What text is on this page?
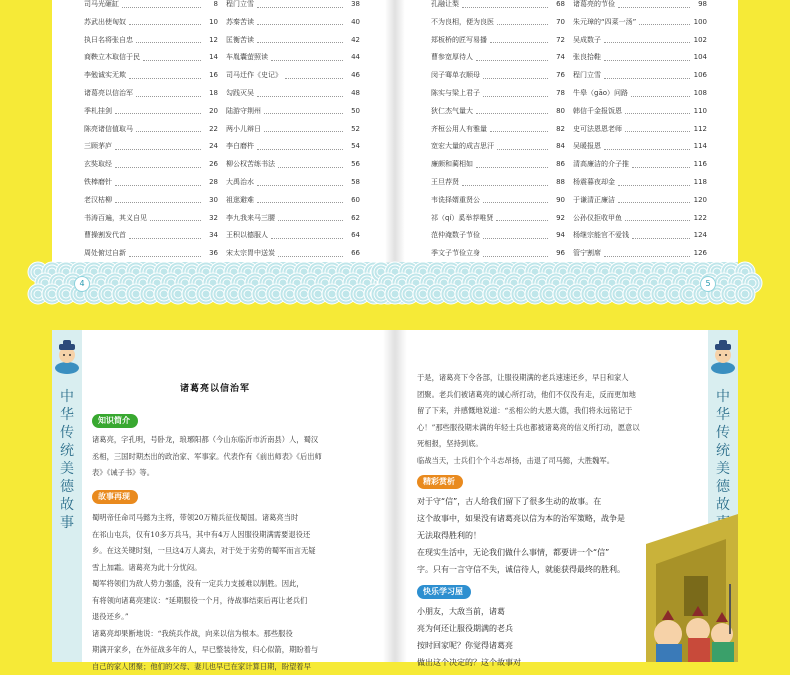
司马光砸缸	8
苏武出使匈奴	10
执曰名将张自忠	12
商鞅立木取信于民	14
李勉诚实无欺	16
诸葛亮以信治军	18
季札挂剑	20
陈亮诸信值取马	22
三顾茅庐	24
玄奘取经	26
铁棒磨针	28
老汉枯柳	30
书涛百遍，其义自见	32
曹操割发代首	34
周处俯过自新	36
程门立雪	38
苏秦苦读	40
匡衡苦读	42
车胤囊萤照读	44
司马迁作《史记》	46
勾践灭吴	48
陆游守荆州	50
两小儿辩日	52
李白磨杵	54
柳公权苦练书法	56
大禹治水	58
祖逖避难	60
李九我来马三腰	62
王积以德服人	64
宋太宗胃中送炭	66
4
孔融让梨	68
不为良相，便为良医	70
郑板桥的匠写易播	72
曹参宽厚待人	74
闵子骞单衣顺母	76
陈实与梁上君子	78
狄仁杰气量大	80
齐桓公用人有雅量	82
宽宏大量的成吉思汗	84
廉颇和蔺相如	86
王旦荐贤	88
韦诜择婿重贤公	90
祁（qí）奚举荐唯贤	92
范仲淹数子节俭	94
季文子节俭立身	96
诸葛亮的节俭	98
朱元璋的“四菜一汤”	100
吴成数子	102
张良拾鞋	104
程门立雪	106
牛皋（gāo）问路	108
韩信千金报饭恩	110
史可法恩恩老师	112
吴暖报恩	114
清高廉洁的介子推	116
杨震暮夜却金	118
于谦清正廉洁	120
公孙仪拒收甲鱼	122
杨继宗能官不爱钱	124
管宁割席	126
5
中
华
传
统
美
德
故
事
诸葛亮以信治军
知识简介
诸葛亮，字孔明，号卧龙，琅琊阳都（今山东临沂市沂南县）人，蜀汉
丞相，三国时期杰出的政治家、军事家。代表作有《前出师表》《后出师
表》《诫子书》等。
故事再现
蜀明帝任命司马懿为主将，带领20万精兵征伐蜀国。诸葛亮当时
在祁山屯兵，仅有10多万兵马，其中有4万人因服役期满需要退役还
乡。在这关键时刻，一旦这4万人离去，对于处于劣势的蜀军而言无疑
雪上加霜。诸葛亮为此十分忧闷。
蜀军将领们为敌人势力强盛，没有一定兵力支援难以制胜。因此，
有将领向诸葛亮建议：“延期服役一个月，待战事结束后再让老兵们
退役还乡。”
诸葛亮却果断地说：“我统兵作战，向来以信为根本。那些服役
期满开家乡，在外征战多年的人，早已整装待发，归心似箭，期盼着与
自己的家人团聚；他们的父母、妻儿也早已在家计算日期，盼望着早
中
华
传
统
美
德
故
于是，诸葛亮下令各部，让服役期满的老兵速速还乡，早日和家人
团聚。老兵们被诸葛亮的诚心所打动，他们不仅没有走，反而更加地
留了下来，并感慨地说道：“丞相公的大恩大德，我们将永远铭记于
心！”那些服役期未满的年轻士兵也都被诸葛亮的信义所打动，愿意以
死相报，坚持到底。
临战当天，士兵们个个斗志昂扬，击退了司马懿，大胜魏军。
精彩赏析
对于守“信”，古人给我们留下了很多生动的故事。在
这个故事中，如果没有诸葛亮以信为本的治军策略，战争是
无法取得胜利的！
在现实生活中，无论我们做什么事情，都要讲一个“信”
字。只有一言守信不失，诚信待人，就能获得最终的胜利。
快乐学习屋
小朋友，大敌当前，诸葛
亮为何还让服役期满的老兵
按时回家呢？你觉得诸葛亮
做出这个决定的？这个故事对
